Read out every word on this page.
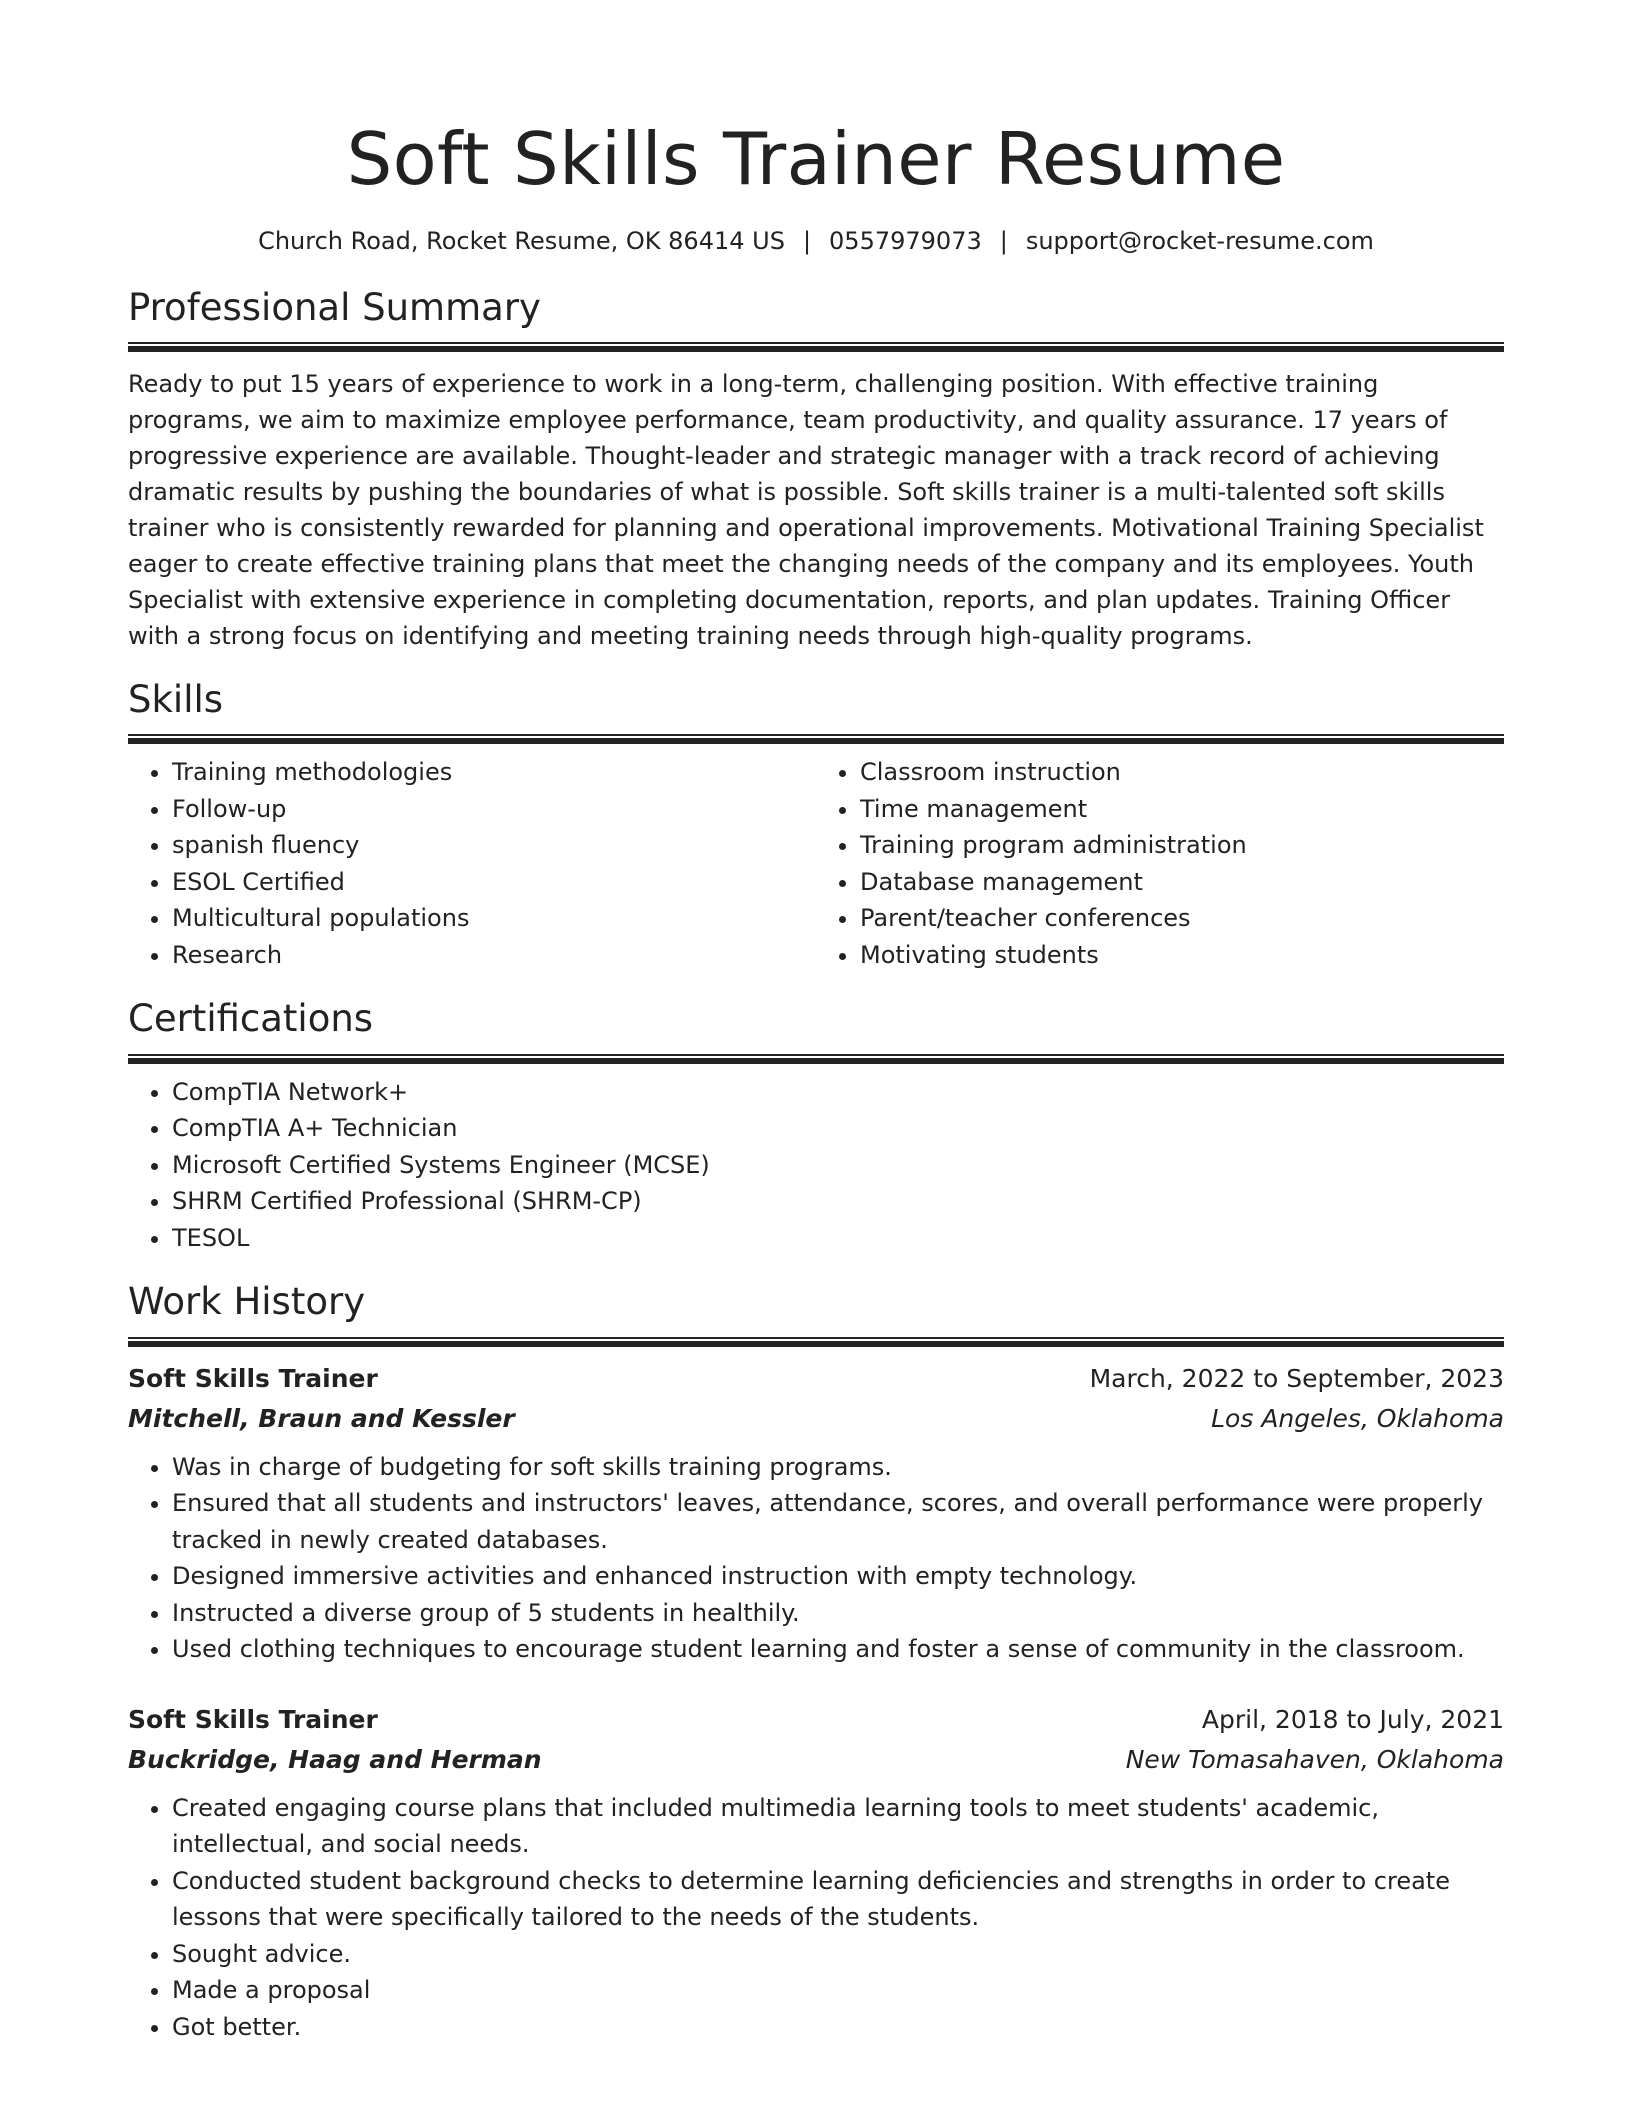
Soft Skills Trainer Resume
Church Road, Rocket Resume, OK 86414 US | 0557979073 | support@rocket-resume.com
Professional Summary

Ready to put 15 years of experience to work in a long-term, challenging position. With effective training programs, we aim to maximize employee performance, team productivity, and quality assurance. 17 years of progressive experience are available. Thought-leader and strategic manager with a track record of achieving dramatic results by pushing the boundaries of what is possible. Soft skills trainer is a multi-talented soft skills trainer who is consistently rewarded for planning and operational improvements. Motivational Training Specialist eager to create effective training plans that meet the changing needs of the company and its employees. Youth Specialist with extensive experience in completing documentation, reports, and plan updates. Training Officer with a strong focus on identifying and meeting training needs through high-quality programs.

Skills
• Training methodologies
• Follow-up
• spanish fluency
• ESOL Certified
• Multicultural populations
• Research
• Classroom instruction
• Time management
• Training program administration
• Database management
• Parent/teacher conferences
• Motivating students
Certifications
• CompTIA Network+
• CompTIA A+ Technician
• Microsoft Certified Systems Engineer (MCSE)
• SHRM Certified Professional (SHRM-CP)
• TESOL
Work History
Soft Skills Trainer	March, 2022 to September, 2023
Mitchell, Braun and Kessler	Los Angeles, Oklahoma
• Was in charge of budgeting for soft skills training programs.
• Ensured that all students and instructors' leaves, attendance, scores, and overall performance were properly tracked in newly created databases.
• Designed immersive activities and enhanced instruction with empty technology.
• Instructed a diverse group of 5 students in healthily.
• Used clothing techniques to encourage student learning and foster a sense of community in the classroom.
Soft Skills Trainer	April, 2018 to July, 2021
Buckridge, Haag and Herman	New Tomasahaven, Oklahoma
• Created engaging course plans that included multimedia learning tools to meet students' academic, intellectual, and social needs.
• Conducted student background checks to determine learning deficiencies and strengths in order to create lessons that were specifically tailored to the needs of the students.
• Sought advice.
• Made a proposal
• Got better.
